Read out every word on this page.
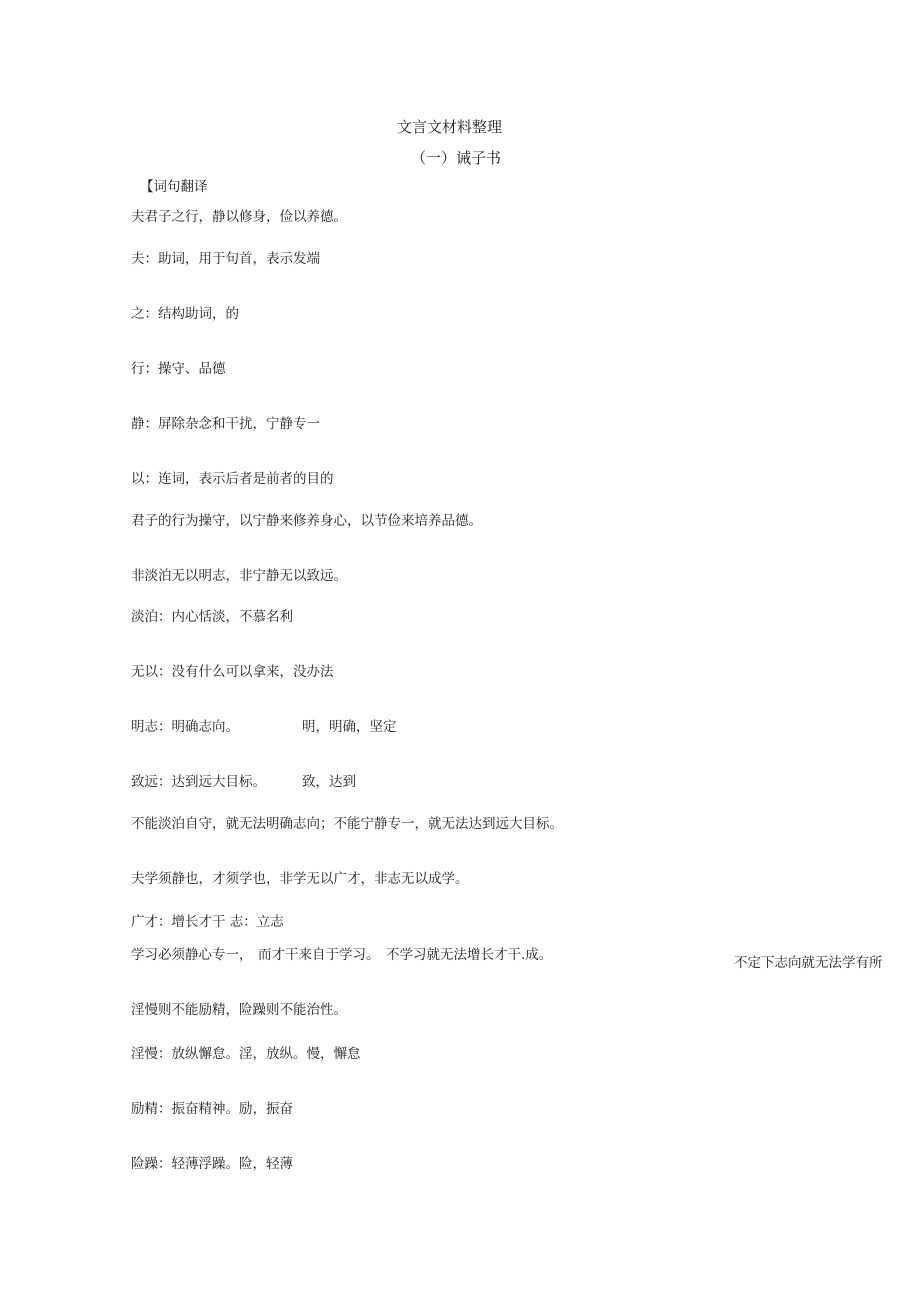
文言文材料整理
（一）诫子书
【词句翻译
夫君子之行，静以修身，俭以养德。
夫：助词，用于句首，表示发端
之：结构助词，的
行：操守、品德
静：屏除杂念和干扰，宁静专一
以：连词，表示后者是前者的目的
君子的行为操守，以宁静来修养身心，以节俭来培养品德。
非淡泊无以明志，非宁静无以致远。
淡泊：内心恬淡，不慕名利
无以：没有什么可以拿来，没办法
明志：明确志向。	明，明确，坚定
致远：达到远大目标。	致，达到
不能淡泊自守，就无法明确志向；不能宁静专一，就无法达到远大目标。
夫学须静也，才须学也，非学无以广才，非志无以成学。
广才：增长才干 志：立志
学习必须静心专一， 而才干来自于学习。 不学习就无法增长才干.成。	不定下志向就无法学有所
淫慢则不能励精，险躁则不能治性。
淫慢：放纵懈怠。淫，放纵。慢，懈怠
励精：振奋精神。励，振奋
险躁：轻薄浮躁。险，轻薄
